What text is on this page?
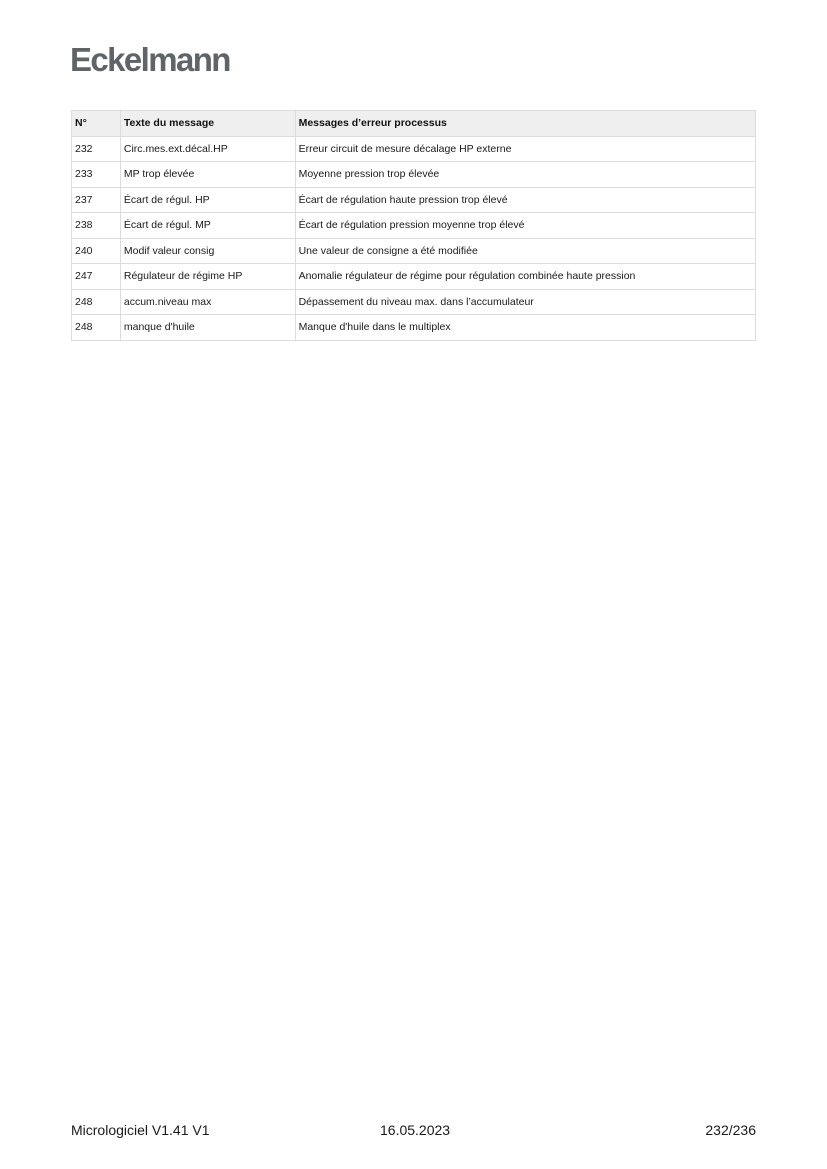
Eckelmann
N°	Texte du message	Messages d’erreur processus
232	Circ.mes.ext.décal.HP	Erreur circuit de mesure décalage HP externe
233	MP trop élevée	Moyenne pression trop élevée
237	Écart de régul. HP	Écart de régulation haute pression trop élevé
238	Écart de régul. MP	Écart de régulation pression moyenne trop élevé
240	Modif valeur consig	Une valeur de consigne a été modifiée
247	Régulateur de régime HP	Anomalie régulateur de régime pour régulation combinée haute pression
248	accum.niveau max	Dépassement du niveau max. dans l’accumulateur
248	manque d'huile	Manque d'huile dans le multiplex
Micrologiciel V1.41 V1	16.05.2023	232/236
